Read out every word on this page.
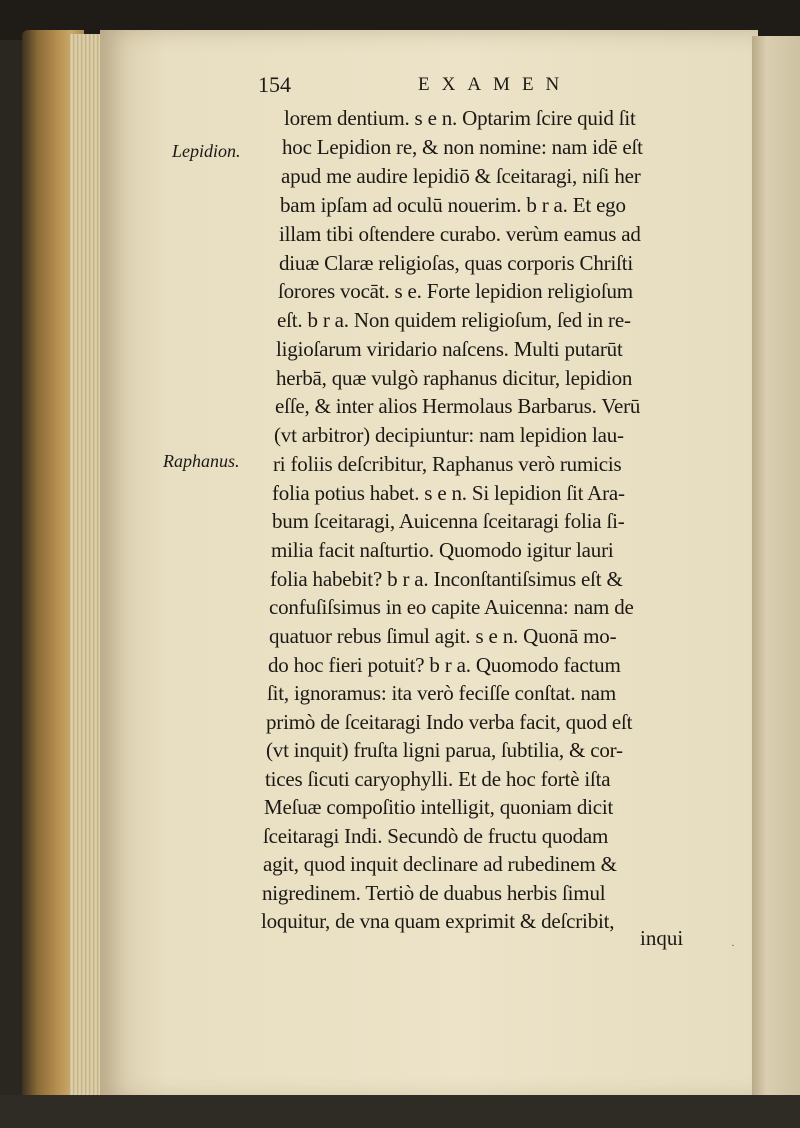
154	EXAMEN
Lepidion.
Raphanus.
lorem dentium. s e n. Optarim ſcire quid ſit
hoc Lepidion re, & non nomine: nam idē eſt
apud me audire lepidiō & ſceitaragi, niſi her
bam ipſam ad oculū nouerim. b r a. Et ego
illam tibi oſtendere curabo. verùm eamus ad
diuæ Claræ religioſas, quas corporis Chriſti
ſorores vocāt. s e. Forte lepidion religioſum
eſt. b r a. Non quidem religioſum, ſed in re-
ligioſarum viridario naſcens. Multi putarūt
herbā, quæ vulgò raphanus dicitur, lepidion
eſſe, & inter alios Hermolaus Barbarus. Verū
(vt arbitror) decipiuntur: nam lepidion lau-
ri foliis deſcribitur, Raphanus verò rumicis
folia potius habet. s e n. Si lepidion ſit Ara-
bum ſceitaragi, Auicenna ſceitaragi folia ſi-
milia facit naſturtio. Quomodo igitur lauri
folia habebit? b r a. Inconſtantiſsimus eſt &
confuſiſsimus in eo capite Auicenna: nam de
quatuor rebus ſimul agit. s e n. Quonā mo-
do hoc fieri potuit? b r a. Quomodo factum
ſit, ignoramus: ita verò feciſſe conſtat. nam
primò de ſceitaragi Indo verba facit, quod eſt
(vt inquit) fruſta ligni parua, ſubtilia, & cor-
tices ſicuti caryophylli. Et de hoc fortè iſta
Meſuæ compoſitio intelligit, quoniam dicit
ſceitaragi Indi. Secundò de fructu quodam
agit, quod inquit declinare ad rubedinem &
nigredinem. Tertiò de duabus herbis ſimul
loquitur, de vna quam exprimit & deſcribit,
inqui	·
